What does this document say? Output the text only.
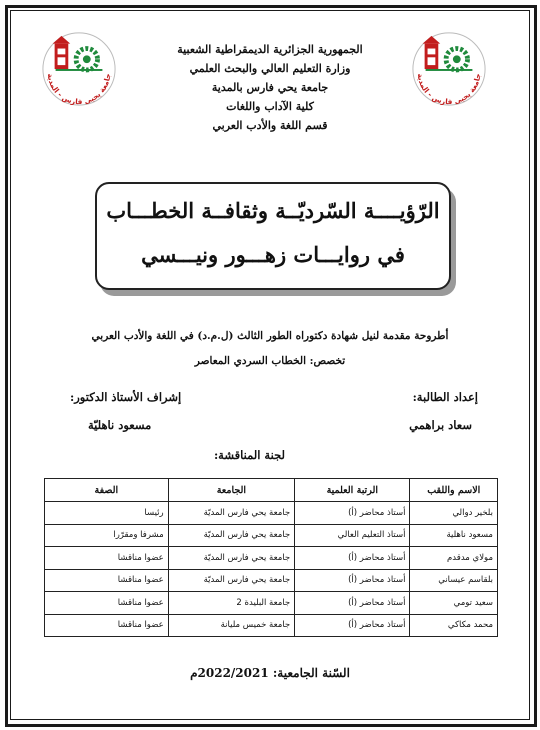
جامعة يحيى فارس - المدية	جامعة يحيى فارس - المدية
الجمهورية الجزائرية الديمقراطية الشعبية
وزارة التعليم العالي والبحث العلمي
جامعة يحي فارس بالمدية
كلية الآداب واللغات
قسم اللغة والأدب العربي
الرّؤيــــة السّرديّــة وثقافــة الخطـــاب
في روايـــات زهـــور ونيـــسي
أطروحة مقدمة لنيل شهادة دكتوراه الطور الثالث (ل.م.د) في اللغة والأدب العربي
تخصص: الخطاب السردي المعاصر
إعداد الطالبة:
إشراف الأستاذ الدكتور:
سعاد براهمي
مسعود ناهليّة
لجنة المناقشة:
الاسم واللقب	الرتبة العلمية	الجامعة	الصفة
بلخير دوالي	أستاذ محاضر (أ)	جامعة يحي فارس المديّة	رئيسا
مسعود ناهلية	أستاذ التعليم العالي	جامعة يحي فارس المديّة	مشرفا ومقرّرا
مولاي مدقدم	أستاذ محاضر (أ)	جامعة يحي فارس المديّة	عضوا مناقشا
بلقاسم عيساني	أستاذ محاضر (أ)	جامعة يحي فارس المديّة	عضوا مناقشا
سعيد تومي	أستاذ محاضر (أ)	جامعة البليدة 2	عضوا مناقشا
محمد مكاكي	أستاذ محاضر (أ)	جامعة خميس مليانة	عضوا مناقشا
السّنة الجامعية: 2022/2021م
